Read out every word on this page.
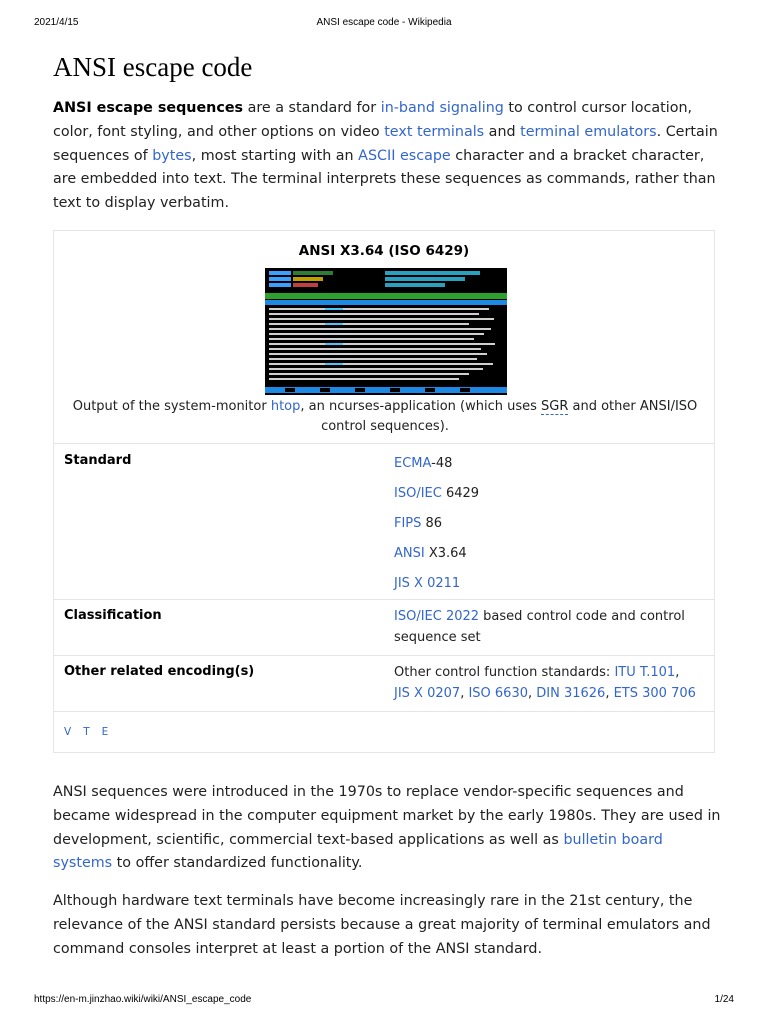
2021/4/15	ANSI escape code - Wikipedia
ANSI escape code

ANSI escape sequences are a standard for in-band signaling to control cursor location, color, font styling, and other options on video text terminals and terminal emulators. Certain sequences of bytes, most starting with an ASCII escape character and a bracket character, are embedded into text. The terminal interprets these sequences as commands, rather than text to display verbatim.

ANSI X3.64 (ISO 6429)
Output of the system-monitor htop, an ncurses-application (which uses SGR and other ANSI/ISO control sequences).
Standard	ECMA-48
ISO/IEC 6429
FIPS 86
ANSI X3.64
JIS X 0211
Classification	ISO/IEC 2022 based control code and control sequence set
Other related encoding(s)	Other control function standards: ITU T.101, JIS X 0207, ISO 6630, DIN 31626, ETS 300 706
V T E

ANSI sequences were introduced in the 1970s to replace vendor-specific sequences and became widespread in the computer equipment market by the early 1980s. They are used in development, scientific, commercial text-based applications as well as bulletin board systems to offer standardized functionality.

Although hardware text terminals have become increasingly rare in the 21st century, the relevance of the ANSI standard persists because a great majority of terminal emulators and command consoles interpret at least a portion of the ANSI standard.

https://en-m.jinzhao.wiki/wiki/ANSI_escape_code	1/24
